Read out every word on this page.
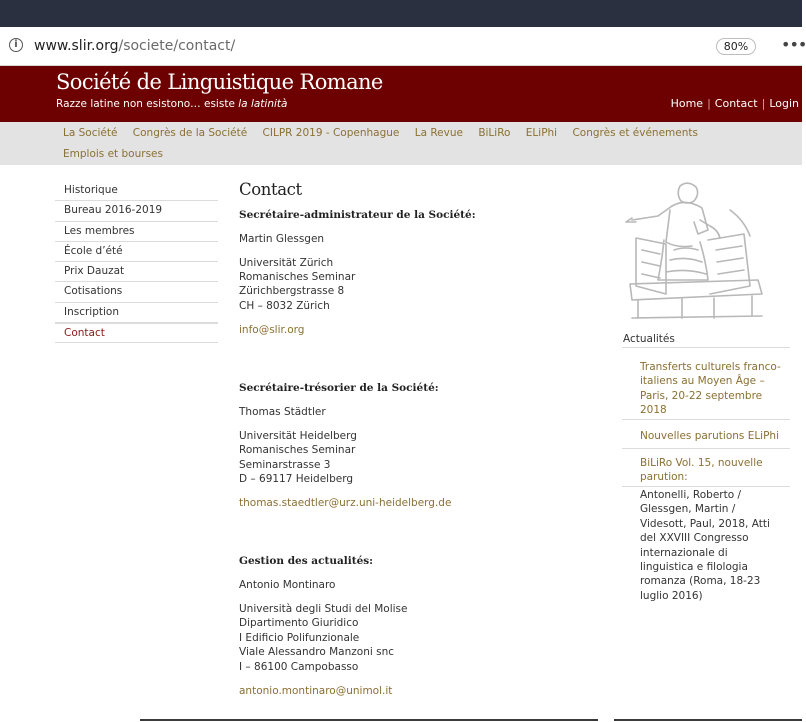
i	www.slir.org/societe/contact/	80%	•••
Société de Linguistique Romane
Razze latine non esistono… esiste la latinità	Home | Contact | Login
La Société Congrès de la Société CILPR 2019 - Copenhague La Revue BiLiRo ELiPhi Congrès et événements
Emplois et bourses
Historique
Bureau 2016-2019
Les membres
École d’été
Prix Dauzat
Cotisations
Inscription
Contact
Contact
Secrétaire-administrateur de la Société:
Martin Glessgen
Universität Zürich
Romanisches Seminar
Zürichbergstrasse 8
CH – 8032 Zürich
info@slir.org
Secrétaire-trésorier de la Société:
Thomas Städtler
Universität Heidelberg
Romanisches Seminar
Seminarstrasse 3
D – 69117 Heidelberg
thomas.staedtler@urz.uni-heidelberg.de
Gestion des actualités:
Antonio Montinaro
Università degli Studi del Molise
Dipartimento Giuridico
I Edificio Polifunzionale
Viale Alessandro Manzoni snc
I – 86100 Campobasso
antonio.montinaro@unimol.it
Actualités
Transferts culturels franco-
italiens au Moyen Âge –
Paris, 20-22 septembre
2018
Nouvelles parutions ELiPhi
BiLiRo Vol. 15, nouvelle
parution:
Antonelli, Roberto /
Glessgen, Martin /
Videsott, Paul, 2018, Atti
del XXVIII Congresso
internazionale di
linguistica e filologia
romanza (Roma, 18-23
luglio 2016)
